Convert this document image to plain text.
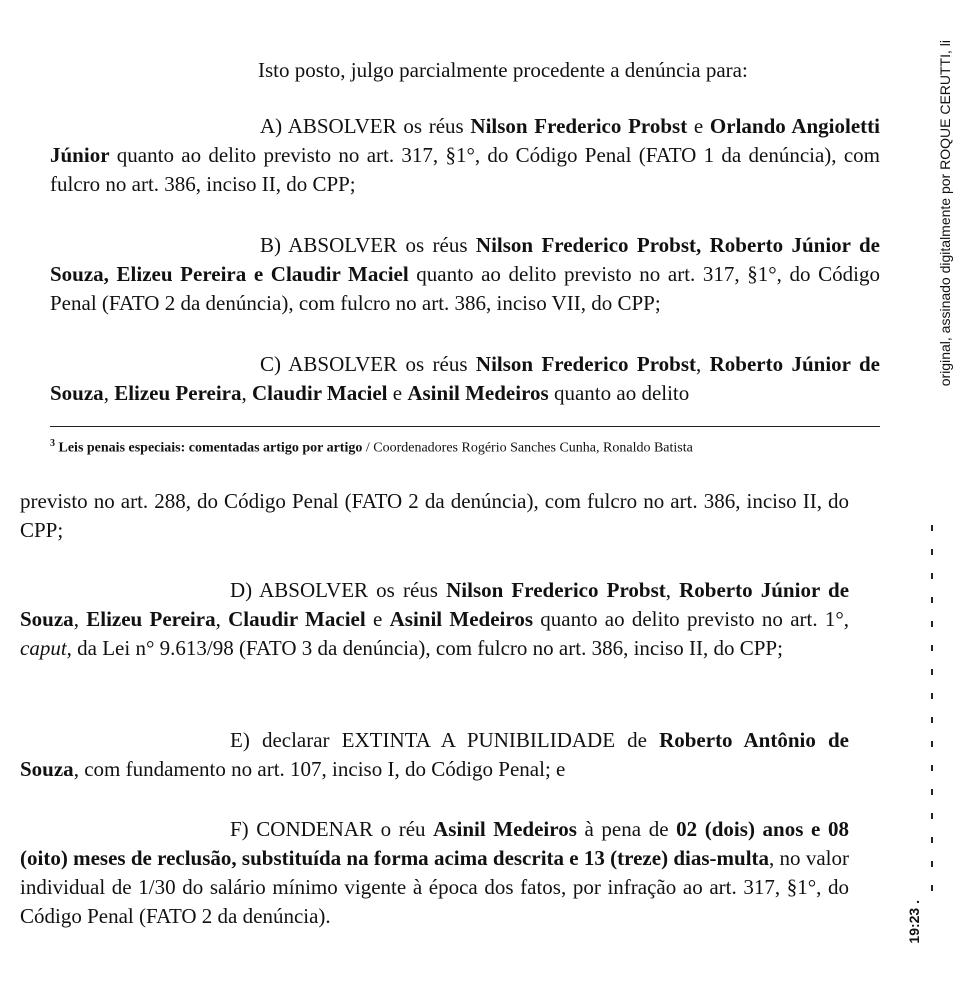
Isto posto, julgo parcialmente procedente a denúncia para:

A) ABSOLVER os réus Nilson Frederico Probst e Orlando Angioletti Júnior quanto ao delito previsto no art. 317, §1°, do Código Penal (FATO 1 da denúncia), com fulcro no art. 386, inciso II, do CPP;

B) ABSOLVER os réus Nilson Frederico Probst, Roberto Júnior de Souza, Elizeu Pereira e Claudir Maciel quanto ao delito previsto no art. 317, §1°, do Código Penal (FATO 2 da denúncia), com fulcro no art. 386, inciso VII, do CPP;

C) ABSOLVER os réus Nilson Frederico Probst, Roberto Júnior de Souza, Elizeu Pereira, Claudir Maciel e Asinil Medeiros quanto ao delito

$^3$ Leis penais especiais: comentadas artigo por artigo / Coordenadores Rogério Sanches Cunha, Ronaldo Batista

previsto no art. 288, do Código Penal (FATO 2 da denúncia), com fulcro no art. 386, inciso II, do CPP;

D) ABSOLVER os réus Nilson Frederico Probst, Roberto Júnior de Souza, Elizeu Pereira, Claudir Maciel e Asinil Medeiros quanto ao delito previsto no art. 1°, caput, da Lei n° 9.613/98 (FATO 3 da denúncia), com fulcro no art. 386, inciso II, do CPP;

E) declarar EXTINTA A PUNIBILIDADE de Roberto Antônio de Souza, com fundamento no art. 107, inciso I, do Código Penal; e

F) CONDENAR o réu Asinil Medeiros à pena de 02 (dois) anos e 08 (oito) meses de reclusão, substituída na forma acima descrita e 13 (treze) dias-multa, no valor individual de 1/30 do salário mínimo vigente à época dos fatos, por infração ao art. 317, §1°, do Código Penal (FATO 2 da denúncia).

original, assinado digitalmente por ROQUE CERUTTI, li
19:23 .
